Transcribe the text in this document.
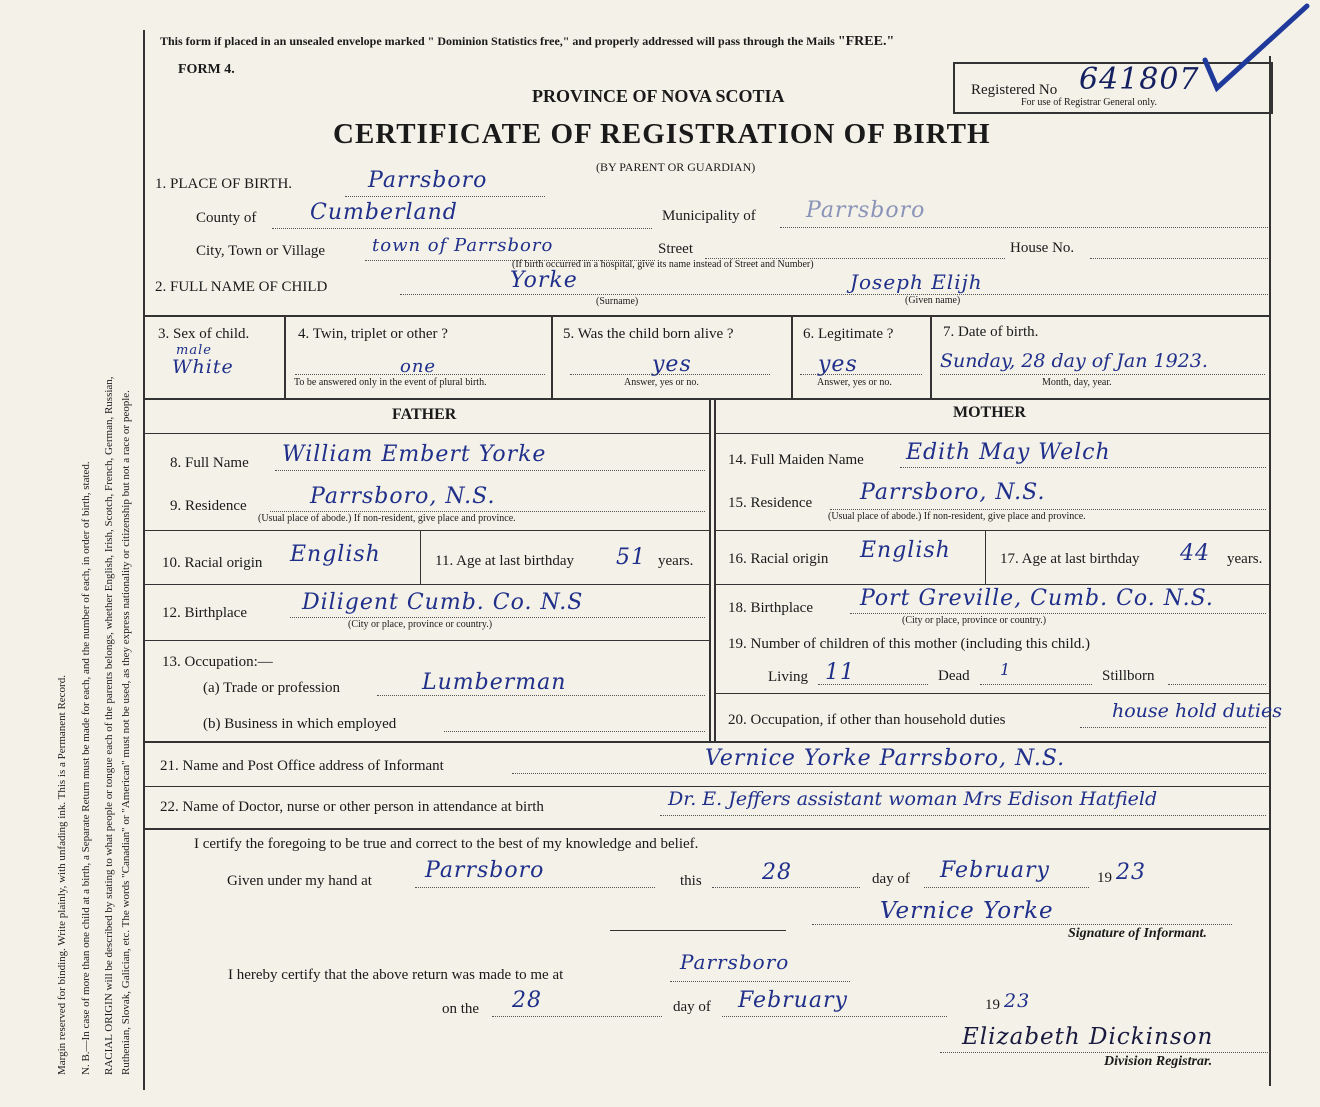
Margin reserved for binding. Write plainly, with unfading ink. This is a Permanent Record. N. B.—In case of more than one child at a birth, a Separate Return must be made for each, and the number of each, in order of birth, stated. RACIAL ORIGIN will be described by stating to what people or tongue each of the parents belongs, whether English, Irish, Scotch, French, German, Russian, Ruthenian, Slovak, Galician, etc. The words "Canadian" or "American" must not be used, as they express nationality or citizenship but not a race or people.
This form if placed in an unsealed envelope marked " Dominion Statistics free," and properly addressed will pass through the Mails "FREE."
FORM 4.
PROVINCE OF NOVA SCOTIA
CERTIFICATE OF REGISTRATION OF BIRTH
(BY PARENT OR GUARDIAN)
Registered No 641807
For use of Registrar General only.
1. PLACE OF BIRTH.	Parrsboro
County of Cumberland	Municipality of Parrsboro
City, Town or Village	town of Parrsboro	Street	House No.
(If birth occurred in a hospital, give its name instead of Street and Number)
2. FULL NAME OF CHILD	Yorke	Joseph Elijh
(Surname)	(Given name)
3. Sex of child.
male
White
4. Twin, triplet or other ?
one
To be answered only in the event of plural birth.
5. Was the child born alive ?
yes
Answer, yes or no.
6. Legitimate ?
yes
Answer, yes or no.
7. Date of birth.
Sunday, 28 day of Jan 1923.
Month, day, year.
FATHER
8. Full Name William Embert Yorke
9. Residence	Parrsboro, N.S.
(Usual place of abode.) If non-resident, give place and province.
10. Racial origin English	11. Age at last birthday 51 years.
12. Birthplace	Diligent Cumb. Co. N.S
(City or place, province or country.)
13. Occupation:—
(a) Trade or profession	Lumberman
(b) Business in which employed
MOTHER
14. Full Maiden Name Edith May Welch
15. Residence Parrsboro, N.S.
(Usual place of abode.) If non-resident, give place and province.
16. Racial origin English	17. Age at last birthday 44 years.
18. Birthplace Port Greville, Cumb. Co. N.S.
(City or place, province or country.)
19. Number of children of this mother (including this child.)
Living 11	Dead 1	Stillborn
20. Occupation, if other than household duties	house hold duties
21. Name and Post Office address of Informant	Vernice Yorke Parrsboro, N.S.
22. Name of Doctor, nurse or other person in attendance at birth	Dr. E. Jeffers assistant woman Mrs Edison Hatfield
I certify the foregoing to be true and correct to the best of my knowledge and belief.
Given under my hand at Parrsboro	this	28	day of February	19 23
Vernice Yorke
Signature of Informant.
I hereby certify that the above return was made to me at
Parrsboro
on the 28	day of February	19 23
Elizabeth Dickinson
Division Registrar.
